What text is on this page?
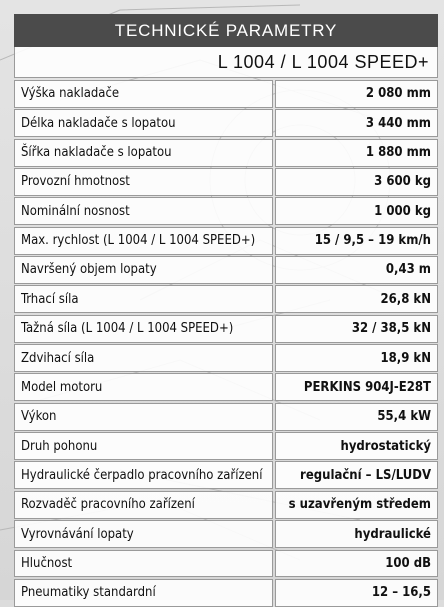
TECHNICKÉ PARAMETRY
L 1004 / L 1004 SPEED+
Výška nakladače	2 080 mm
Délka nakladače s lopatou	3 440 mm
Šířka nakladače s lopatou	1 880 mm
Provozní hmotnost	3 600 kg
Nominální nosnost	1 000 kg
Max. rychlost (L 1004 / L 1004 SPEED+)	15 / 9,5 – 19 km/h
Navršený objem lopaty	0,43 m
Trhací síla	26,8 kN
Tažná síla (L 1004 / L 1004 SPEED+)	32 / 38,5 kN
Zdvihací síla	18,9 kN
Model motoru	PERKINS 904J-E28T
Výkon	55,4 kW
Druh pohonu	hydrostatický
Hydraulické čerpadlo pracovního zařízení	regulační – LS/LUDV
Rozvaděč pracovního zařízení	s uzavřeným středem
Vyrovnávání lopaty	hydraulické
Hlučnost	100 dB
Pneumatiky standardní	12 – 16,5
